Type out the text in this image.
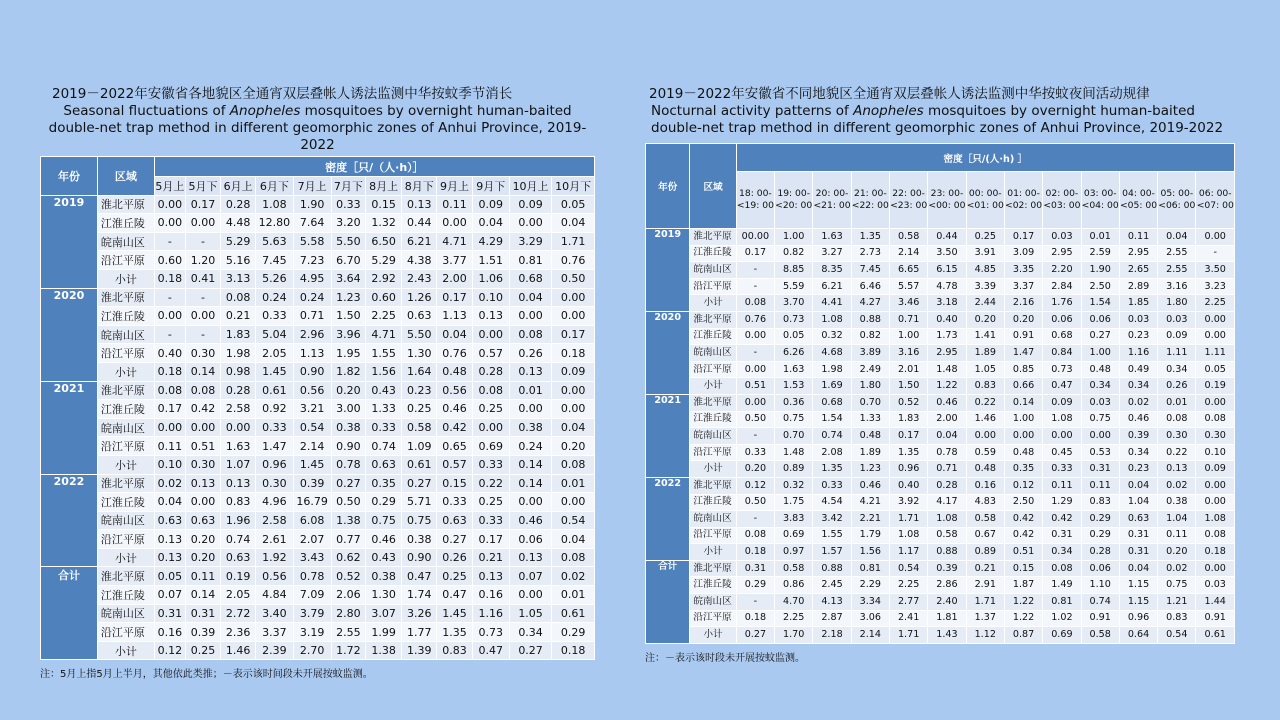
2019－2022年安徽省各地貌区全通宵双层叠帐人诱法监测中华按蚊季节消长
Seasonal fluctuations of Anopheles mosquitoes by overnight human-baited double-net trap method in different geomorphic zones of Anhui Province, 2019-2022
年份	区域	密度［只/（人·h）］											
		5月上	5月下	6月上	6月下	7月上	7月下	8月上	8月下	9月上	9月下	10月上	10月下
2019	淮北平原	0.00	0.17	0.28	1.08	1.90	0.33	0.15	0.13	0.11	0.09	0.09	0.05
	江淮丘陵	0.00	0.00	4.48	12.80	7.64	3.20	1.32	0.44	0.00	0.04	0.00	0.04
	皖南山区	-	-	5.29	5.63	5.58	5.50	6.50	6.21	4.71	4.29	3.29	1.71
	沿江平原	0.60	1.20	5.16	7.45	7.23	6.70	5.29	4.38	3.77	1.51	0.81	0.76
	小计	0.18	0.41	3.13	5.26	4.95	3.64	2.92	2.43	2.00	1.06	0.68	0.50
2020	淮北平原	-	-	0.08	0.24	0.24	1.23	0.60	1.26	0.17	0.10	0.04	0.00
	江淮丘陵	0.00	0.00	0.21	0.33	0.71	1.50	2.25	0.63	1.13	0.13	0.00	0.00
	皖南山区	-	-	1.83	5.04	2.96	3.96	4.71	5.50	0.04	0.00	0.08	0.17
	沿江平原	0.40	0.30	1.98	2.05	1.13	1.95	1.55	1.30	0.76	0.57	0.26	0.18
	小计	0.18	0.14	0.98	1.45	0.90	1.82	1.56	1.64	0.48	0.28	0.13	0.09
2021	淮北平原	0.08	0.08	0.28	0.61	0.56	0.20	0.43	0.23	0.56	0.08	0.01	0.00
	江淮丘陵	0.17	0.42	2.58	0.92	3.21	3.00	1.33	0.25	0.46	0.25	0.00	0.00
	皖南山区	0.00	0.00	0.00	0.33	0.54	0.38	0.33	0.58	0.42	0.00	0.38	0.04
	沿江平原	0.11	0.51	1.63	1.47	2.14	0.90	0.74	1.09	0.65	0.69	0.24	0.20
	小计	0.10	0.30	1.07	0.96	1.45	0.78	0.63	0.61	0.57	0.33	0.14	0.08
2022	淮北平原	0.02	0.13	0.13	0.30	0.39	0.27	0.35	0.27	0.15	0.22	0.14	0.01
	江淮丘陵	0.04	0.00	0.83	4.96	16.79	0.50	0.29	5.71	0.33	0.25	0.00	0.00
	皖南山区	0.63	0.63	1.96	2.58	6.08	1.38	0.75	0.75	0.63	0.33	0.46	0.54
	沿江平原	0.13	0.20	0.74	2.61	2.07	0.77	0.46	0.38	0.27	0.17	0.06	0.04
	小计	0.13	0.20	0.63	1.92	3.43	0.62	0.43	0.90	0.26	0.21	0.13	0.08
合计	淮北平原	0.05	0.11	0.19	0.56	0.78	0.52	0.38	0.47	0.25	0.13	0.07	0.02
	江淮丘陵	0.07	0.14	2.05	4.84	7.09	2.06	1.30	1.74	0.47	0.16	0.00	0.01
	皖南山区	0.31	0.31	2.72	3.40	3.79	2.80	3.07	3.26	1.45	1.16	1.05	0.61
	沿江平原	0.16	0.39	2.36	3.37	3.19	2.55	1.99	1.77	1.35	0.73	0.34	0.29
	小计	0.12	0.25	1.46	2.39	2.70	1.72	1.38	1.39	0.83	0.47	0.27	0.18
注：5月上指5月上半月，其他依此类推；－表示该时间段未开展按蚊监测。
2019－2022年安徽省不同地貌区全通宵双层叠帐人诱法监测中华按蚊夜间活动规律
Nocturnal activity patterns of Anopheles mosquitoes by overnight human-baited double-net trap method in different geomorphic zones of Anhui Province, 2019-2022
年份	区域	密度［只/(人·h) ］												
		18: 00-<19: 00	19: 00-<20: 00	20: 00-<21: 00	21: 00-<22: 00	22: 00-<23: 00	23: 00-<00: 00	00: 00-<01: 00	01: 00-<02: 00	02: 00-<03: 00	03: 00-<04: 00	04: 00-<05: 00	05: 00-<06: 00	06: 00-<07: 00
2019	淮北平原	00.00	1.00	1.63	1.35	0.58	0.44	0.25	0.17	0.03	0.01	0.11	0.04	0.00
	江淮丘陵	0.17	0.82	3.27	2.73	2.14	3.50	3.91	3.09	2.95	2.59	2.95	2.55	-
	皖南山区	-	8.85	8.35	7.45	6.65	6.15	4.85	3.35	2.20	1.90	2.65	2.55	3.50
	沿江平原	-	5.59	6.21	6.46	5.57	4.78	3.39	3.37	2.84	2.50	2.89	3.16	3.23
	小计	0.08	3.70	4.41	4.27	3.46	3.18	2.44	2.16	1.76	1.54	1.85	1.80	2.25
2020	淮北平原	0.76	0.73	1.08	0.88	0.71	0.40	0.20	0.20	0.06	0.06	0.03	0.03	0.00
	江淮丘陵	0.00	0.05	0.32	0.82	1.00	1.73	1.41	0.91	0.68	0.27	0.23	0.09	0.00
	皖南山区	-	6.26	4.68	3.89	3.16	2.95	1.89	1.47	0.84	1.00	1.16	1.11	1.11
	沿江平原	0.00	1.63	1.98	2.49	2.01	1.48	1.05	0.85	0.73	0.48	0.49	0.34	0.05
	小计	0.51	1.53	1.69	1.80	1.50	1.22	0.83	0.66	0.47	0.34	0.34	0.26	0.19
2021	淮北平原	0.00	0.36	0.68	0.70	0.52	0.46	0.22	0.14	0.09	0.03	0.02	0.01	0.00
	江淮丘陵	0.50	0.75	1.54	1.33	1.83	2.00	1.46	1.00	1.08	0.75	0.46	0.08	0.08
	皖南山区	-	0.70	0.74	0.48	0.17	0.04	0.00	0.00	0.00	0.00	0.39	0.30	0.30
	沿江平原	0.33	1.48	2.08	1.89	1.35	0.78	0.59	0.48	0.45	0.53	0.34	0.22	0.10
	小计	0.20	0.89	1.35	1.23	0.96	0.71	0.48	0.35	0.33	0.31	0.23	0.13	0.09
2022	淮北平原	0.12	0.32	0.33	0.46	0.40	0.28	0.16	0.12	0.11	0.11	0.04	0.02	0.00
	江淮丘陵	0.50	1.75	4.54	4.21	3.92	4.17	4.83	2.50	1.29	0.83	1.04	0.38	0.00
	皖南山区	-	3.83	3.42	2.21	1.71	1.08	0.58	0.42	0.42	0.29	0.63	1.04	1.08
	沿江平原	0.08	0.69	1.55	1.79	1.08	0.58	0.67	0.42	0.31	0.29	0.31	0.11	0.08
	小计	0.18	0.97	1.57	1.56	1.17	0.88	0.89	0.51	0.34	0.28	0.31	0.20	0.18
合计	淮北平原	0.31	0.58	0.88	0.81	0.54	0.39	0.21	0.15	0.08	0.06	0.04	0.02	0.00
	江淮丘陵	0.29	0.86	2.45	2.29	2.25	2.86	2.91	1.87	1.49	1.10	1.15	0.75	0.03
	皖南山区	-	4.70	4.13	3.34	2.77	2.40	1.71	1.22	0.81	0.74	1.15	1.21	1.44
	沿江平原	0.18	2.25	2.87	3.06	2.41	1.81	1.37	1.22	1.02	0.91	0.96	0.83	0.91
	小计	0.27	1.70	2.18	2.14	1.71	1.43	1.12	0.87	0.69	0.58	0.64	0.54	0.61
注：－表示该时段未开展按蚊监测。
